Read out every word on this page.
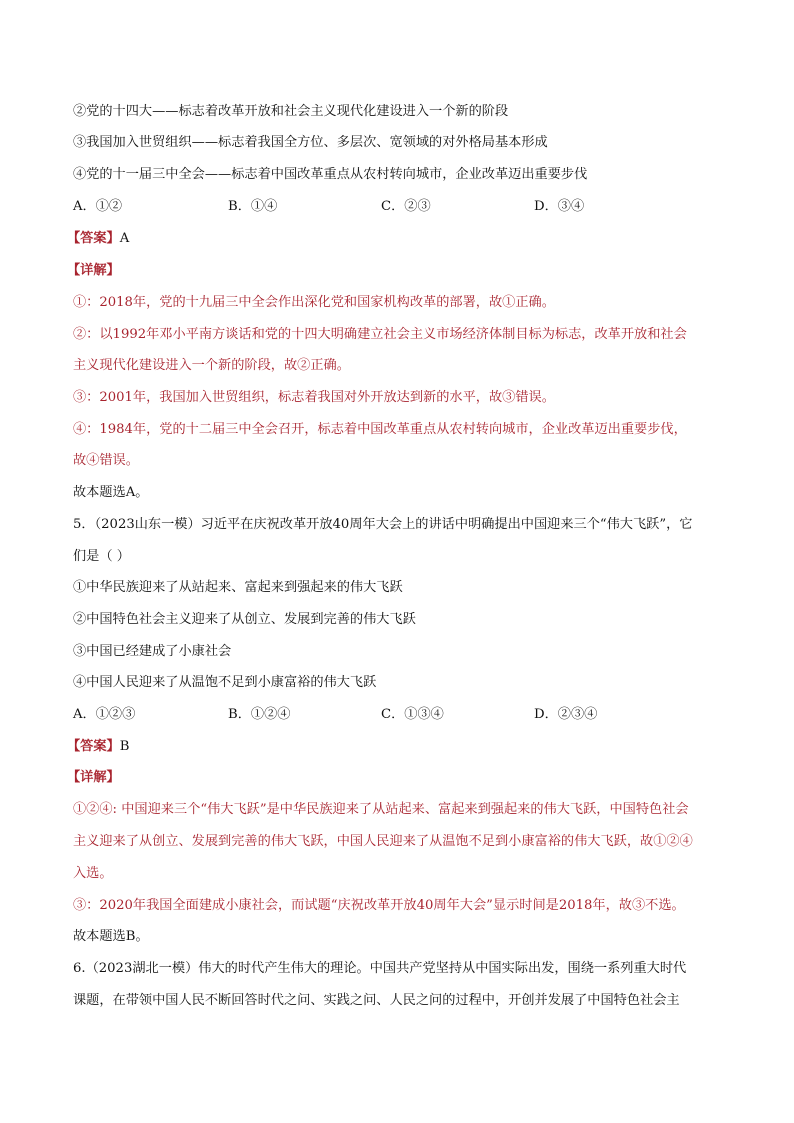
②党的十四大——标志着改革开放和社会主义现代化建设进入一个新的阶段
③我国加入世贸组织——标志着我国全方位、多层次、宽领域的对外格局基本形成
④党的十一届三中全会——标志着中国改革重点从农村转向城市，企业改革迈出重要步伐
A．①②	B．①④	C．②③	D．③④
【答案】A
【详解】
①：2018年，党的十九届三中全会作出深化党和国家机构改革的部署，故①正确。
②：以1992年邓小平南方谈话和党的十四大明确建立社会主义市场经济体制目标为标志，改革开放和社会
主义现代化建设进入一个新的阶段，故②正确。
③：2001年，我国加入世贸组织，标志着我国对外开放达到新的水平，故③错误。
④：1984年，党的十二届三中全会召开，标志着中国改革重点从农村转向城市，企业改革迈出重要步伐，
故④错误。
故本题选A。
5．（2023山东一模）习近平在庆祝改革开放40周年大会上的讲话中明确提出中国迎来三个“伟大飞跃”，它
们是（ ）
①中华民族迎来了从站起来、富起来到强起来的伟大飞跃
②中国特色社会主义迎来了从创立、发展到完善的伟大飞跃
③中国已经建成了小康社会
④中国人民迎来了从温饱不足到小康富裕的伟大飞跃
A．①②③	B．①②④	C．①③④	D．②③④
【答案】B
【详解】
①②④: 中国迎来三个“伟大飞跃”是中华民族迎来了从站起来、富起来到强起来的伟大飞跃，中国特色社会
主义迎来了从创立、发展到完善的伟大飞跃，中国人民迎来了从温饱不足到小康富裕的伟大飞跃，故①②④
入选。
③：2020年我国全面建成小康社会，而试题“庆祝改革开放40周年大会”显示时间是2018年，故③不选。
故本题选B。
6.（2023湖北一模）伟大的时代产生伟大的理论。中国共产党坚持从中国实际出发，围绕一系列重大时代
课题，在带领中国人民不断回答时代之问、实践之问、人民之问的过程中，开创并发展了中国特色社会主
